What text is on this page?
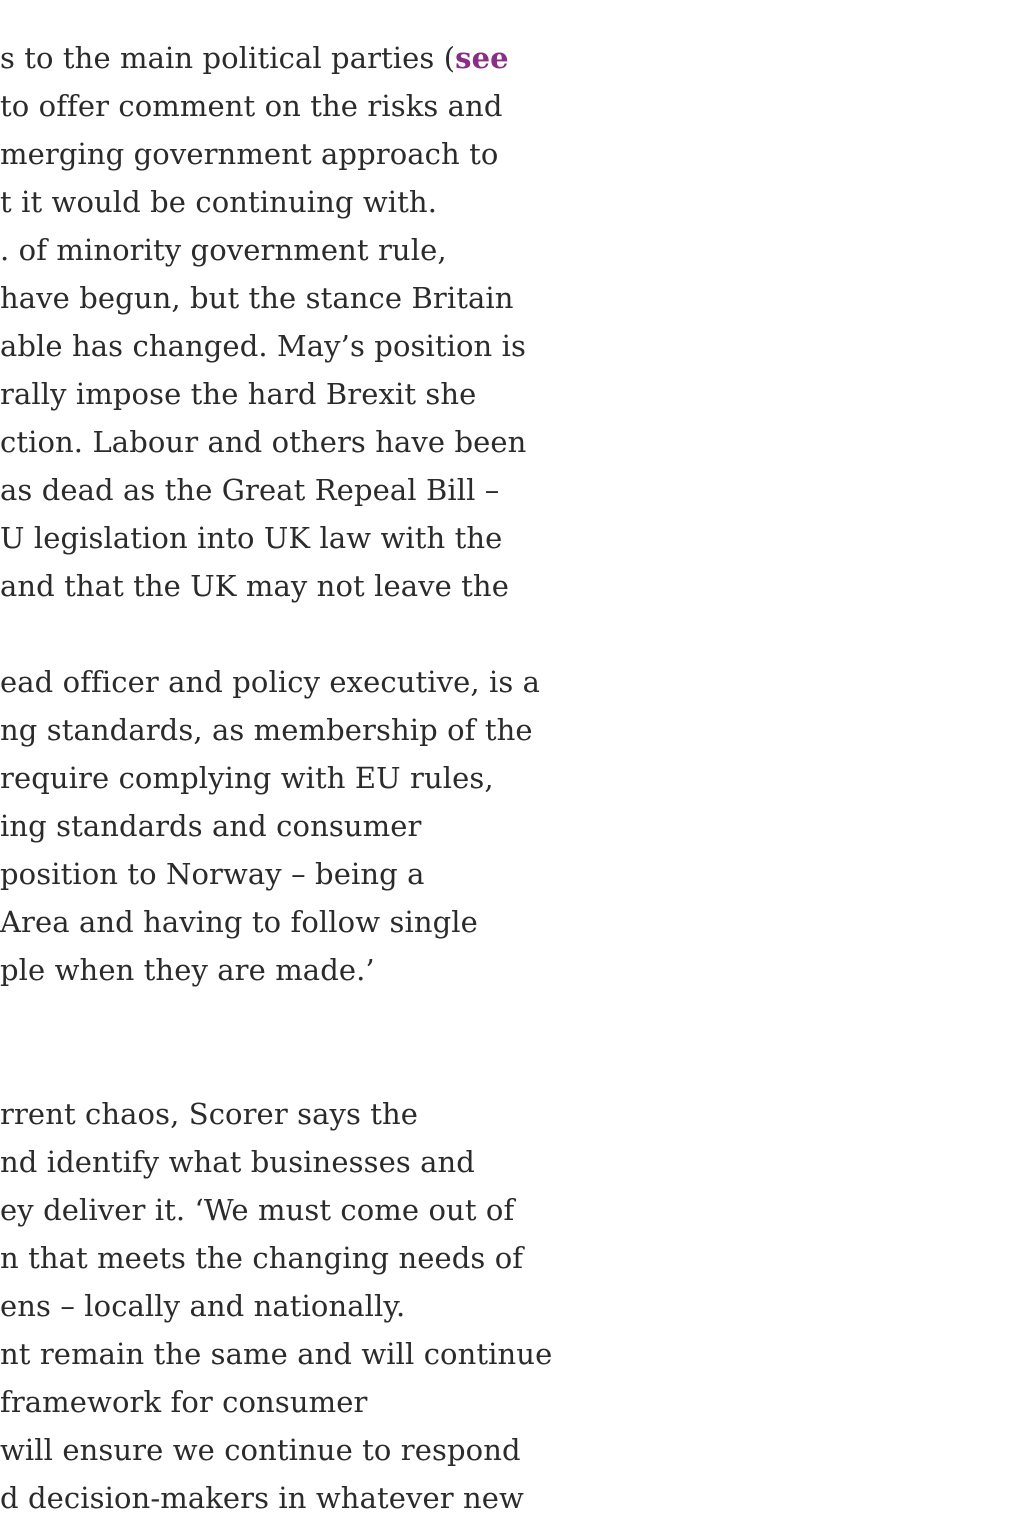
s to the main political parties (see
to offer comment on the risks and
merging government approach to
t it would be continuing with.
. of minority government rule,
have begun, but the stance Britain
able has changed. May’s position is
rally impose the hard Brexit she
ction. Labour and others have been
as dead as the Great Repeal Bill –
U legislation into UK law with the
and that the UK may not leave the

ead officer and policy executive, is a
ng standards, as membership of the
require complying with EU rules,
ing standards and consumer
position to Norway – being a
Area and having to follow single
ple when they are made.’

rrent chaos, Scorer says the
nd identify what businesses and
ey deliver it. ‘We must come out of
n that meets the changing needs of
ens – locally and nationally.
nt remain the same and will continue
framework for consumer
will ensure we continue to respond
d decision-makers in whatever new
